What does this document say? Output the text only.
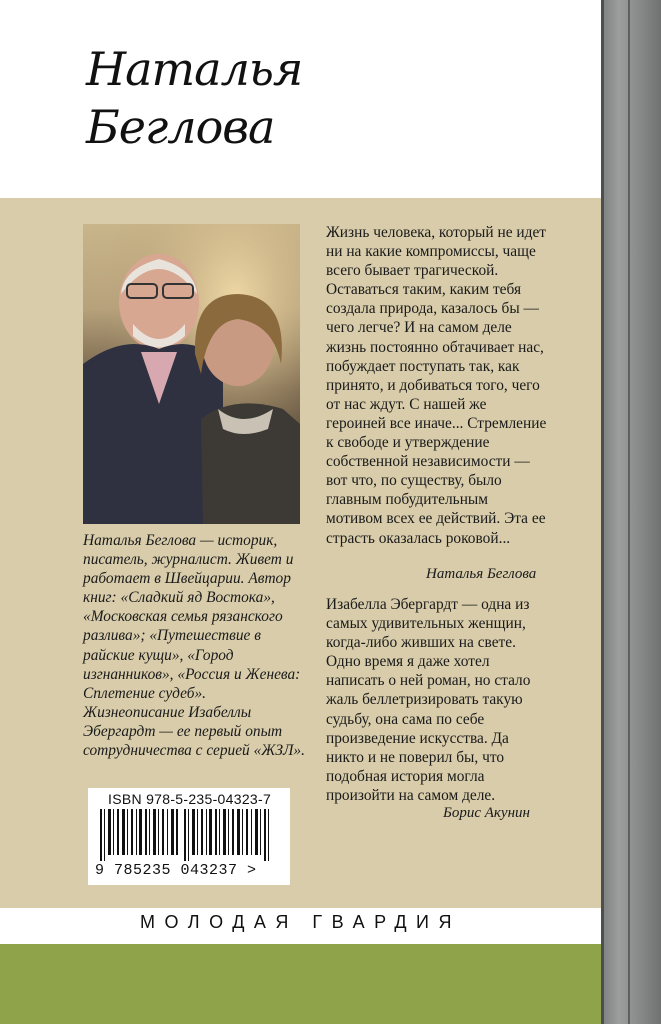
Наталья
Беглова
Наталья Беглова — историк, писатель, журналист. Живет и работает в Швейцарии. Автор книг: «Сладкий яд Востока», «Московская семья рязанского разлива»; «Путешествие в райские кущи», «Город изгнанников», «Россия и Женева: Сплетение судеб». Жизнеописание Изабеллы Эбергардт — ее первый опыт сотрудничества с серией «ЖЗЛ».
Жизнь человека, который не идет ни на какие компромиссы, чаще всего бывает трагической. Оставаться таким, каким тебя создала природа, казалось бы — чего легче? И на самом деле жизнь постоянно обтачивает нас, побуждает поступать так, как принято, и добиваться того, чего от нас ждут. С нашей же героиней все иначе... Стремление к свободе и утверждение собственной независимости — вот что, по существу, было главным побудительным мотивом всех ее действий. Эта ее страсть оказалась роковой...
Наталья Беглова
Изабелла Эбергардт — одна из самых удивительных женщин, когда-либо живших на свете. Одно время я даже хотел написать о ней роман, но стало жаль беллетризировать такую судьбу, она сама по себе произведение искусства. Да никто и не поверил бы, что подобная история могла произойти на самом деле.
Борис Акунин
ISBN 978-5-235-04323-7
9 785235 043237 >
МОЛОДАЯ ГВАРДИЯ
